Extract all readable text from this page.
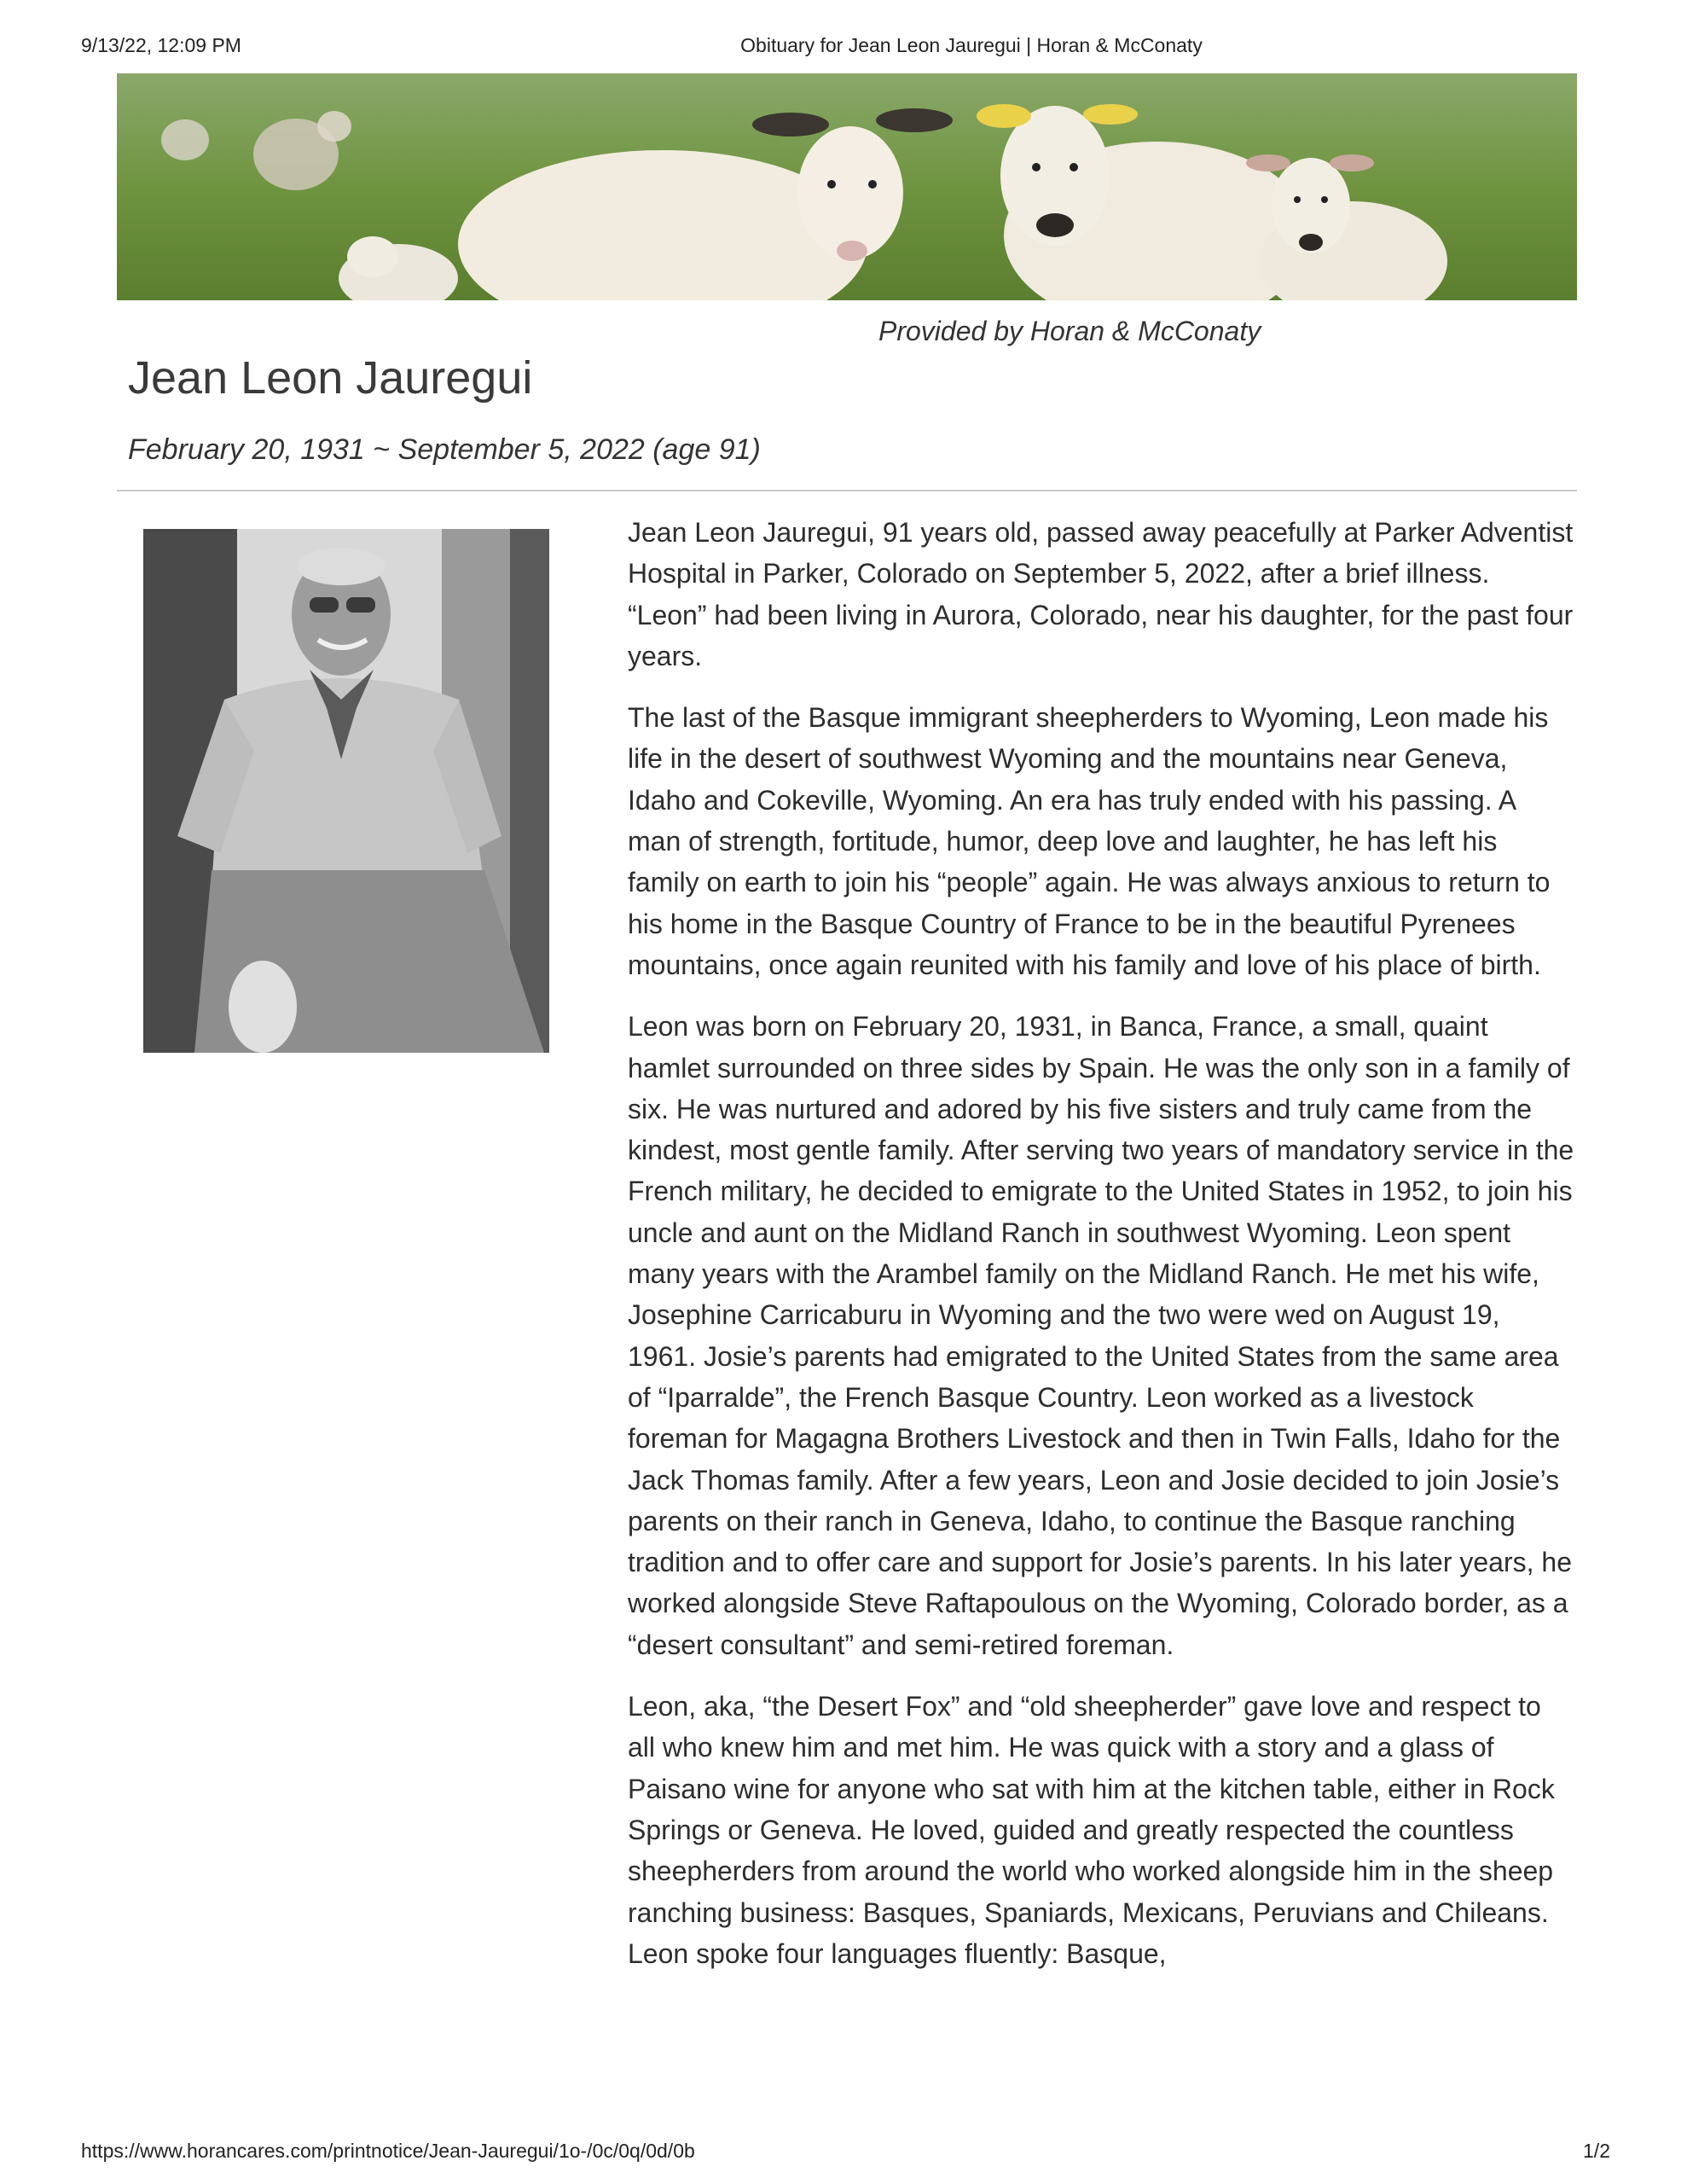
9/13/22, 12:09 PM	Obituary for Jean Leon Jauregui | Horan & McConaty
Provided by Horan & McConaty
Jean Leon Jauregui
February 20, 1931 ~ September 5, 2022 (age 91)

Jean Leon Jauregui, 91 years old, passed away peacefully at Parker Adventist Hospital in Parker, Colorado on September 5, 2022, after a brief illness. “Leon” had been living in Aurora, Colorado, near his daughter, for the past four years.

The last of the Basque immigrant sheepherders to Wyoming, Leon made his life in the desert of southwest Wyoming and the mountains near Geneva, Idaho and Cokeville, Wyoming. An era has truly ended with his passing. A man of strength, fortitude, humor, deep love and laughter, he has left his family on earth to join his “people” again. He was always anxious to return to his home in the Basque Country of France to be in the beautiful Pyrenees mountains, once again reunited with his family and love of his place of birth.

Leon was born on February 20, 1931, in Banca, France, a small, quaint hamlet surrounded on three sides by Spain. He was the only son in a family of six. He was nurtured and adored by his five sisters and truly came from the kindest, most gentle family. After serving two years of mandatory service in the French military, he decided to emigrate to the United States in 1952, to join his uncle and aunt on the Midland Ranch in southwest Wyoming. Leon spent many years with the Arambel family on the Midland Ranch. He met his wife, Josephine Carricaburu in Wyoming and the two were wed on August 19, 1961. Josie’s parents had emigrated to the United States from the same area of “Iparralde”, the French Basque Country. Leon worked as a livestock foreman for Magagna Brothers Livestock and then in Twin Falls, Idaho for the Jack Thomas family. After a few years, Leon and Josie decided to join Josie’s parents on their ranch in Geneva, Idaho, to continue the Basque ranching tradition and to offer care and support for Josie’s parents. In his later years, he worked alongside Steve Raftapoulous on the Wyoming, Colorado border, as a “desert consultant” and semi-retired foreman.

Leon, aka, “the Desert Fox” and “old sheepherder” gave love and respect to all who knew him and met him. He was quick with a story and a glass of Paisano wine for anyone who sat with him at the kitchen table, either in Rock Springs or Geneva. He loved, guided and greatly respected the countless sheepherders from around the world who worked alongside him in the sheep ranching business: Basques, Spaniards, Mexicans, Peruvians and Chileans. Leon spoke four languages fluently: Basque,

https://www.horancares.com/printnotice/Jean-Jauregui/1o-/0c/0q/0d/0b	1/2
